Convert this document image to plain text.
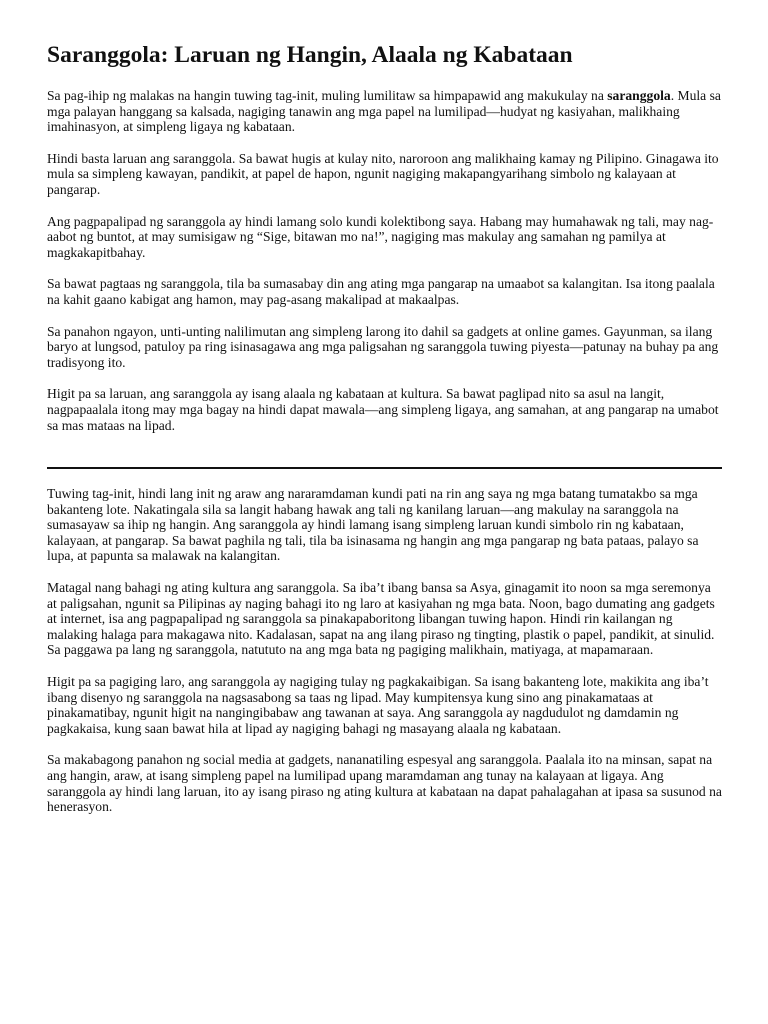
Saranggola: Laruan ng Hangin, Alaala ng Kabataan

Sa pag-ihip ng malakas na hangin tuwing tag-init, muling lumilitaw sa himpapawid ang makukulay na saranggola. Mula sa mga palayan hanggang sa kalsada, nagiging tanawin ang mga papel na lumilipad—hudyat ng kasiyahan, malikhaing imahinasyon, at simpleng ligaya ng kabataan.

Hindi basta laruan ang saranggola. Sa bawat hugis at kulay nito, naroroon ang malikhaing kamay ng Pilipino. Ginagawa ito mula sa simpleng kawayan, pandikit, at papel de hapon, ngunit nagiging makapangyarihang simbolo ng kalayaan at pangarap.

Ang pagpapalipad ng saranggola ay hindi lamang solo kundi kolektibong saya. Habang may humahawak ng tali, may nag-aabot ng buntot, at may sumisigaw ng “Sige, bitawan mo na!”, nagiging mas makulay ang samahan ng pamilya at magkakapitbahay.

Sa bawat pagtaas ng saranggola, tila ba sumasabay din ang ating mga pangarap na umaabot sa kalangitan. Isa itong paalala na kahit gaano kabigat ang hamon, may pag-asang makalipad at makaalpas.

Sa panahon ngayon, unti-unting nalilimutan ang simpleng larong ito dahil sa gadgets at online games. Gayunman, sa ilang baryo at lungsod, patuloy pa ring isinasagawa ang mga paligsahan ng saranggola tuwing piyesta—patunay na buhay pa ang tradisyong ito.

Higit pa sa laruan, ang saranggola ay isang alaala ng kabataan at kultura. Sa bawat paglipad nito sa asul na langit, nagpapaalala itong may mga bagay na hindi dapat mawala—ang simpleng ligaya, ang samahan, at ang pangarap na umabot sa mas mataas na lipad.

Tuwing tag-init, hindi lang init ng araw ang nararamdaman kundi pati na rin ang saya ng mga batang tumatakbo sa mga bakanteng lote. Nakatingala sila sa langit habang hawak ang tali ng kanilang laruan—ang makulay na saranggola na sumasayaw sa ihip ng hangin. Ang saranggola ay hindi lamang isang simpleng laruan kundi simbolo rin ng kabataan, kalayaan, at pangarap. Sa bawat paghila ng tali, tila ba isinasama ng hangin ang mga pangarap ng bata pataas, palayo sa lupa, at papunta sa malawak na kalangitan.

Matagal nang bahagi ng ating kultura ang saranggola. Sa iba’t ibang bansa sa Asya, ginagamit ito noon sa mga seremonya at paligsahan, ngunit sa Pilipinas ay naging bahagi ito ng laro at kasiyahan ng mga bata. Noon, bago dumating ang gadgets at internet, isa ang pagpapalipad ng saranggola sa pinakapaboritong libangan tuwing hapon. Hindi rin kailangan ng malaking halaga para makagawa nito. Kadalasan, sapat na ang ilang piraso ng tingting, plastik o papel, pandikit, at sinulid. Sa paggawa pa lang ng saranggola, natututo na ang mga bata ng pagiging malikhain, matiyaga, at mapamaraan.

Higit pa sa pagiging laro, ang saranggola ay nagiging tulay ng pagkakaibigan. Sa isang bakanteng lote, makikita ang iba’t ibang disenyo ng saranggola na nagsasabong sa taas ng lipad. May kumpitensya kung sino ang pinakamataas at pinakamatibay, ngunit higit na nangingibabaw ang tawanan at saya. Ang saranggola ay nagdudulot ng damdamin ng pagkakaisa, kung saan bawat hila at lipad ay nagiging bahagi ng masayang alaala ng kabataan.

Sa makabagong panahon ng social media at gadgets, nananatiling espesyal ang saranggola. Paalala ito na minsan, sapat na ang hangin, araw, at isang simpleng papel na lumilipad upang maramdaman ang tunay na kalayaan at ligaya. Ang saranggola ay hindi lang laruan, ito ay isang piraso ng ating kultura at kabataan na dapat pahalagahan at ipasa sa susunod na henerasyon.
